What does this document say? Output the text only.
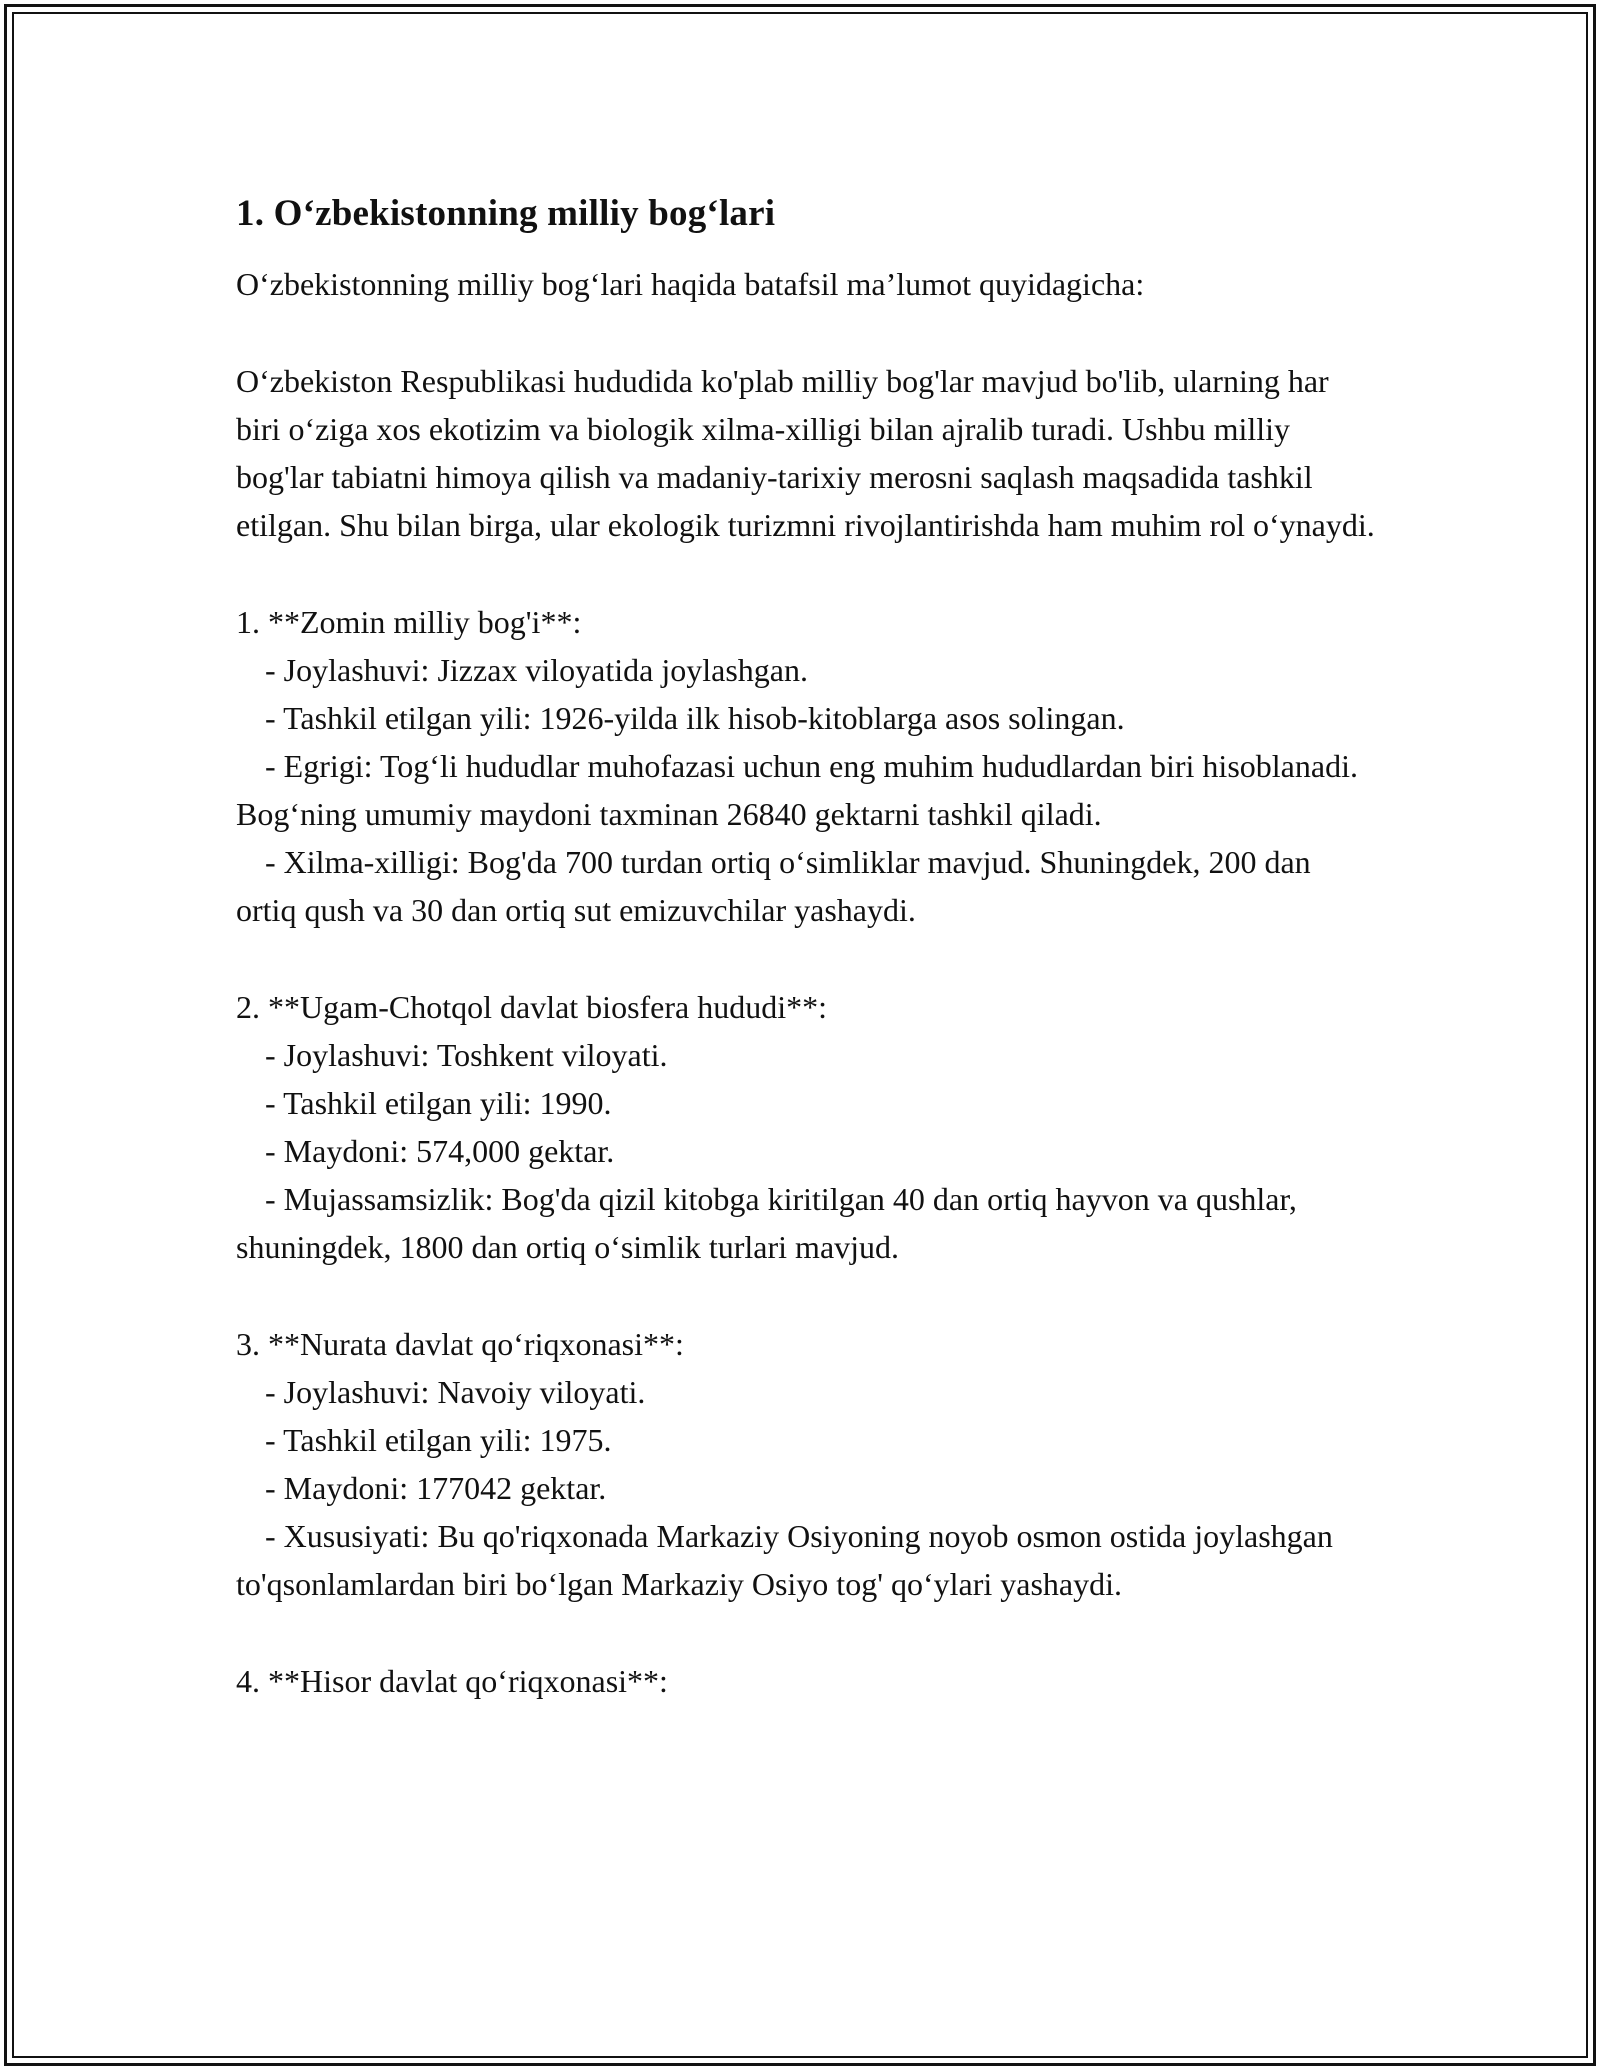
1. O‘zbekistonning milliy bog‘lari

O‘zbekistonning milliy bog‘lari haqida batafsil ma’lumot quyidagicha:

O‘zbekiston Respublikasi hududida ko'plab milliy bog'lar mavjud bo'lib, ularning har biri o‘ziga xos ekotizim va biologik xilma-xilligi bilan ajralib turadi. Ushbu milliy bog'lar tabiatni himoya qilish va madaniy-tarixiy merosni saqlash maqsadida tashkil etilgan. Shu bilan birga, ular ekologik turizmni rivojlantirishda ham muhim rol o‘ynaydi.

1. **Zomin milliy bog'i**:

- Joylashuvi: Jizzax viloyatida joylashgan.

- Tashkil etilgan yili: 1926-yilda ilk hisob-kitoblarga asos solingan.

- Egrigi: Tog‘li hududlar muhofazasi uchun eng muhim hududlardan biri hisoblanadi. Bog‘ning umumiy maydoni taxminan 26840 gektarni tashkil qiladi.

- Xilma-xilligi: Bog'da 700 turdan ortiq o‘simliklar mavjud. Shuningdek, 200 dan ortiq qush va 30 dan ortiq sut emizuvchilar yashaydi.

2. **Ugam-Chotqol davlat biosfera hududi**:

- Joylashuvi: Toshkent viloyati.

- Tashkil etilgan yili: 1990.

- Maydoni: 574,000 gektar.

- Mujassamsizlik: Bog'da qizil kitobga kiritilgan 40 dan ortiq hayvon va qushlar, shuningdek, 1800 dan ortiq o‘simlik turlari mavjud.

3. **Nurata davlat qo‘riqxonasi**:

- Joylashuvi: Navoiy viloyati.

- Tashkil etilgan yili: 1975.

- Maydoni: 177042 gektar.

- Xususiyati: Bu qo'riqxonada Markaziy Osiyoning noyob osmon ostida joylashgan to'qsonlamlardan biri bo‘lgan Markaziy Osiyo tog' qo‘ylari yashaydi.

4. **Hisor davlat qo‘riqxonasi**:
